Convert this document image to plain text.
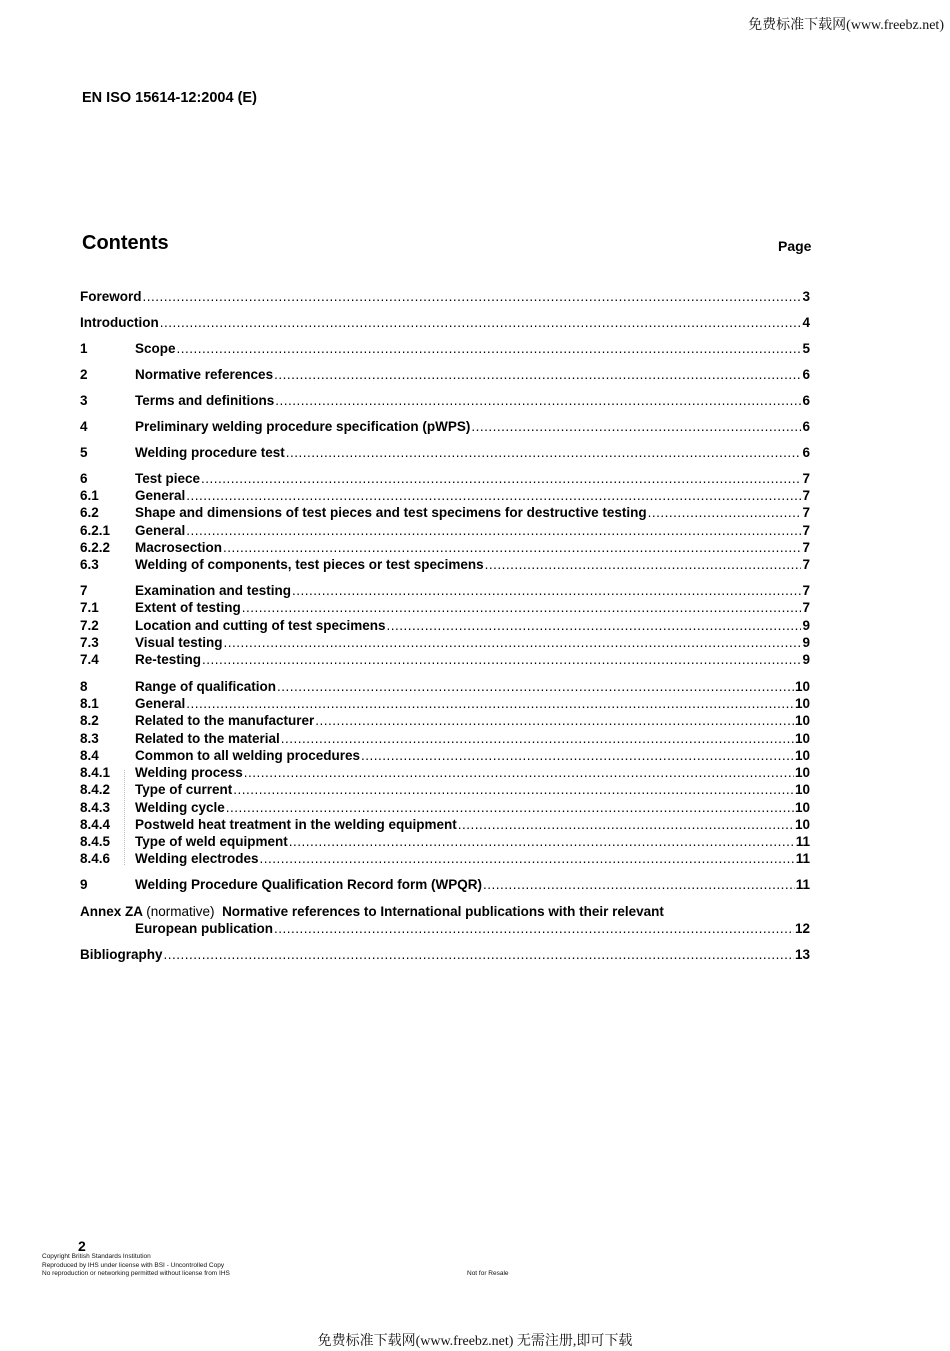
免费标准下载网(www.freebz.net)
EN ISO 15614-12:2004 (E)
Contents	Page
Foreword .....	3
Introduction .....	4
1	Scope .....	5
2	Normative references .....	6
3	Terms and definitions .....	6
4	Preliminary welding procedure specification (pWPS) .....	6
5	Welding procedure test .....	6
6	Test piece .....	7
6.1	General .....	7
6.2	Shape and dimensions of test pieces and test specimens for destructive testing .....	7
6.2.1	General .....	7
6.2.2	Macrosection .....	7
6.3	Welding of components, test pieces or test specimens .....	7
7	Examination and testing .....	7
7.1	Extent of testing .....	7
7.2	Location and cutting of test specimens .....	9
7.3	Visual testing .....	9
7.4	Re-testing .....	9
8	Range of qualification .....	10
8.1	General .....	10
8.2	Related to the manufacturer .....	10
8.3	Related to the material .....	10
8.4	Common to all welding procedures .....	10
8.4.1	Welding process .....	10
8.4.2	Type of current .....	10
8.4.3	Welding cycle .....	10
8.4.4	Postweld heat treatment in the welding equipment .....	10
8.4.5	Type of weld equipment .....	11
8.4.6	Welding electrodes .....	11
9	Welding Procedure Qualification Record form (WPQR) .....	11
Annex ZA (normative) Normative references to International publications with their relevant
European publication .....	12
Bibliography .....	13
2
Copyright British Standards Institution
Reproduced by IHS under license with BSI - Uncontrolled Copy
No reproduction or networking permitted without license from IHS	Not for Resale
免费标准下载网(www.freebz.net) 无需注册,即可下载
